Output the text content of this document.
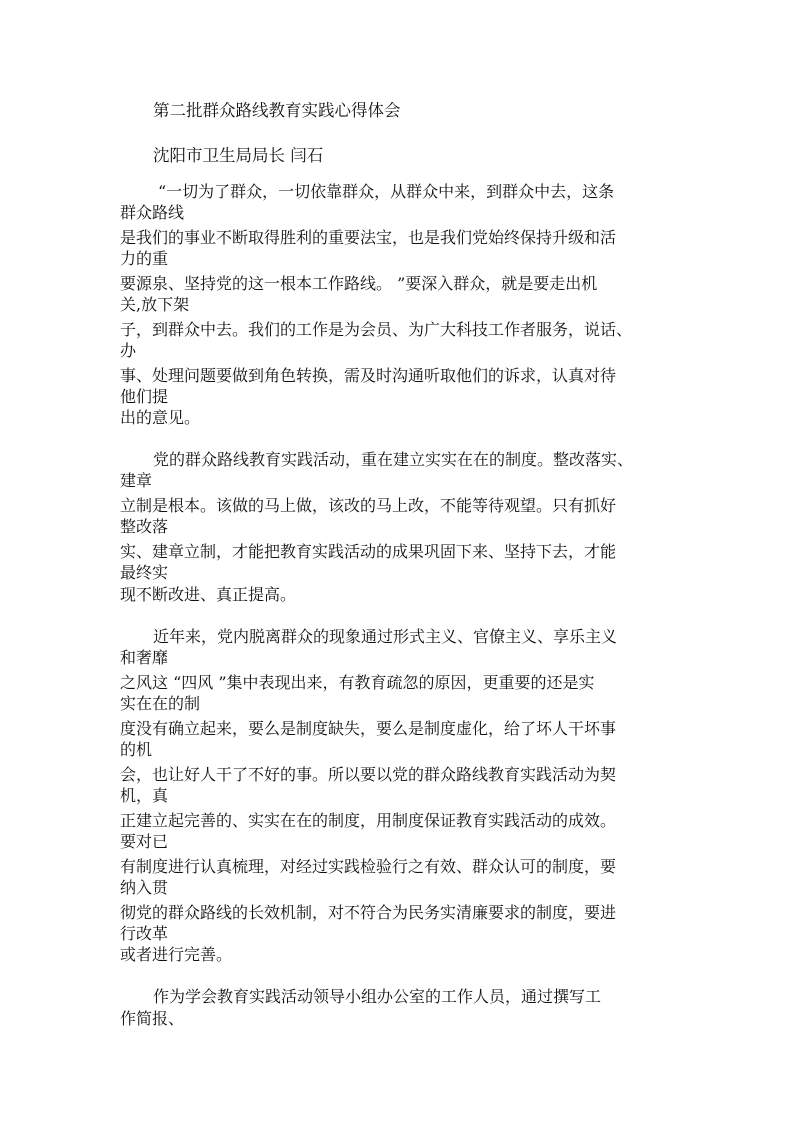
第二批群众路线教育实践心得体会
沈阳市卫生局局长 闫石
“一切为了群众，一切依靠群众，从群众中来，到群众中去，这条
群众路线
是我们的事业不断取得胜利的重要法宝，也是我们党始终保持升级和活
力的重
要源泉、坚持党的这一根本工作路线。 ”要深入群众，就是要走出机
关,放下架
子，到群众中去。我们的工作是为会员、为广大科技工作者服务，说话、
办
事、处理问题要做到角色转换，需及时沟通听取他们的诉求，认真对待
他们提
出的意见。
党的群众路线教育实践活动，重在建立实实在在的制度。整改落实、
建章
立制是根本。该做的马上做，该改的马上改，不能等待观望。只有抓好
整改落
实、建章立制，才能把教育实践活动的成果巩固下来、坚持下去，才能
最终实
现不断改进、真正提高。
近年来，党内脱离群众的现象通过形式主义、官僚主义、享乐主义
和奢靡
之风这 “四风 ”集中表现出来，有教育疏忽的原因，更重要的还是实
实在在的制
度没有确立起来，要么是制度缺失，要么是制度虚化，给了坏人干坏事
的机
会，也让好人干了不好的事。所以要以党的群众路线教育实践活动为契
机，真
正建立起完善的、实实在在的制度，用制度保证教育实践活动的成效。
要对已
有制度进行认真梳理，对经过实践检验行之有效、群众认可的制度，要
纳入贯
彻党的群众路线的长效机制，对不符合为民务实清廉要求的制度，要进
行改革
或者进行完善。
作为学会教育实践活动领导小组办公室的工作人员，通过撰写工
作简报、
